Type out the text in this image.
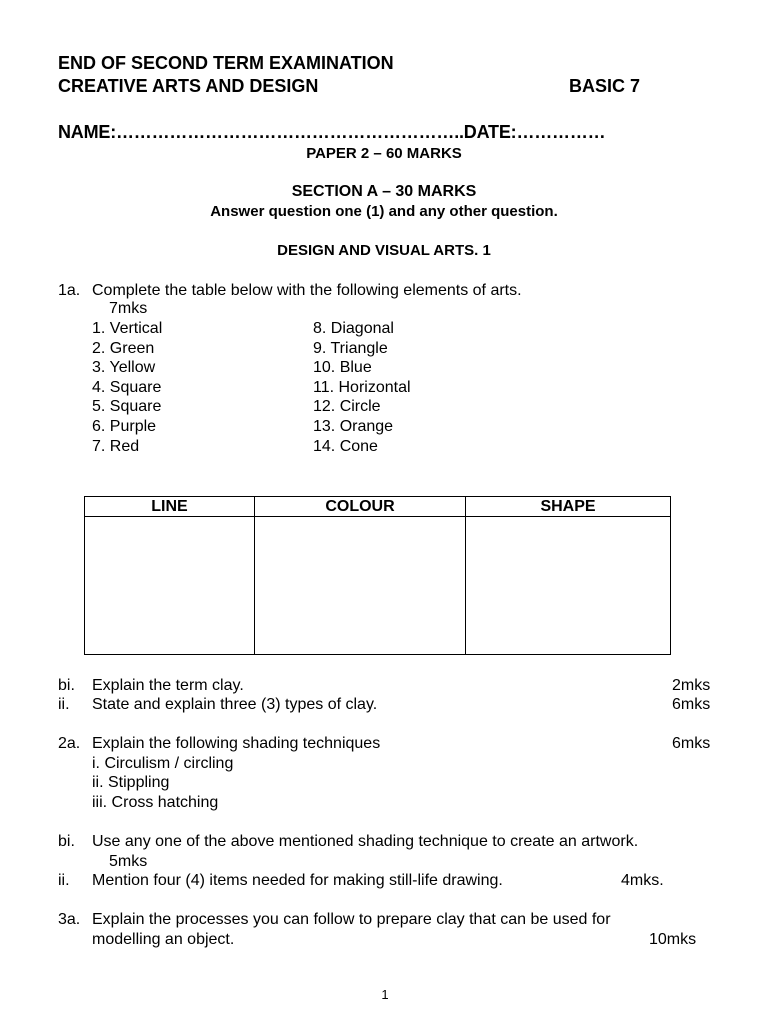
END OF SECOND TERM EXAMINATION
CREATIVE ARTS AND DESIGN	BASIC 7
NAME:…………………………………………………..DATE:……………
PAPER 2 – 60 MARKS
SECTION A – 30 MARKS
Answer question one (1) and any other question.
DESIGN AND VISUAL ARTS. 1
1a. Complete the table below with the following elements of arts.
7mks
1. Vertical
2. Green
3. Yellow
4. Square
5. Square
6. Purple
7. Red
8. Diagonal
9. Triangle
10. Blue
11. Horizontal
12. Circle
13. Orange
14. Cone
LINE	COLOUR	SHAPE

bi. Explain the term clay.	2mks
ii. State and explain three (3) types of clay.	6mks
2a. Explain the following shading techniques	6mks
i. Circulism / circling
ii. Stippling
iii. Cross hatching
bi. Use any one of the above mentioned shading technique to create an artwork.
5mks
ii. Mention four (4) items needed for making still-life drawing.	4mks.
3a. Explain the processes you can follow to prepare clay that can be used for
modelling an object.	10mks
1
